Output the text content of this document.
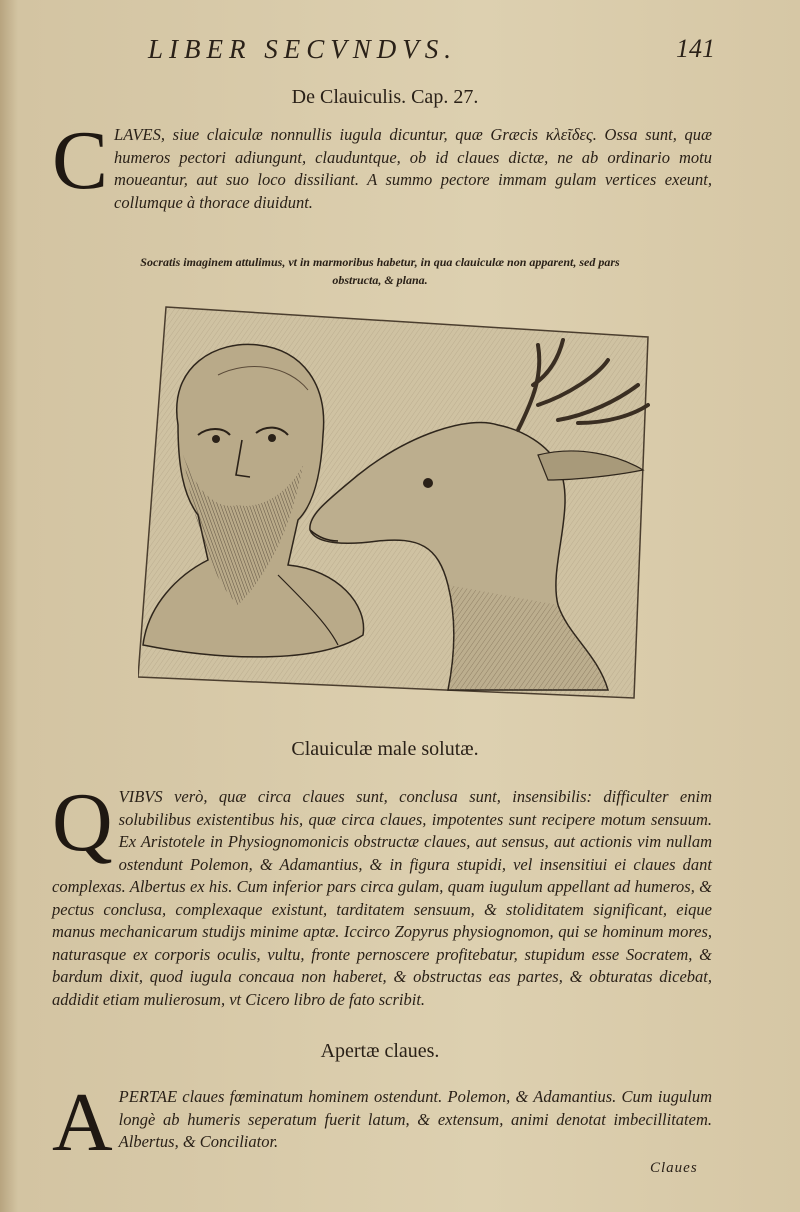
LIBER SECVNDVS.	141
De Clauiculis. Cap. 27.
C LAVES, siue claiculæ nonnullis iugula dicuntur, quæ Græcis κλεῖδες. Ossa sunt, quæ humeros pectori adiungunt, clauduntque, ob id claues dictæ, ne ab ordinario motu moueantur, aut suo loco dissiliant. A summo pectore immam gulam vertices exeunt, collumque à thorace diuidunt.
Socratis imaginem attulimus, vt in marmoribus habetur, in qua clauiculæ non apparent, sed pars obstructa, & plana.
Clauiculæ male solutæ.
Q VIBVS verò, quæ circa claues sunt, conclusa sunt, insensibilis: difficulter enim solubilibus existentibus his, quæ circa claues, impotentes sunt recipere motum sensuum. Ex Aristotele in Physiognomonicis obstructæ claues, aut sensus, aut actionis vim nullam ostendunt Polemon, & Adamantius, & in figura stupidi, vel insensitiui ei claues dant complexas. Albertus ex his. Cum inferior pars circa gulam, quam iugulum appellant ad humeros, & pectus conclusa, complexaque existunt, tarditatem sensuum, & stoliditatem significant, eique manus mechanicarum studijs minime aptæ. Iccirco Zopyrus physiognomon, qui se hominum mores, naturasque ex corporis oculis, vultu, fronte pernoscere profitebatur, stupidum esse Socratem, & bardum dixit, quod iugula concaua non haberet, & obstructas eas partes, & obturatas dicebat, addidit etiam mulierosum, vt Cicero libro de fato scribit.
Apertæ claues.
A PERTAE claues fœminatum hominem ostendunt. Polemon, & Adamantius. Cum iugulum longè ab humeris seperatum fuerit latum, & extensum, animi denotat imbecillitatem. Albertus, & Conciliator.
Claues
